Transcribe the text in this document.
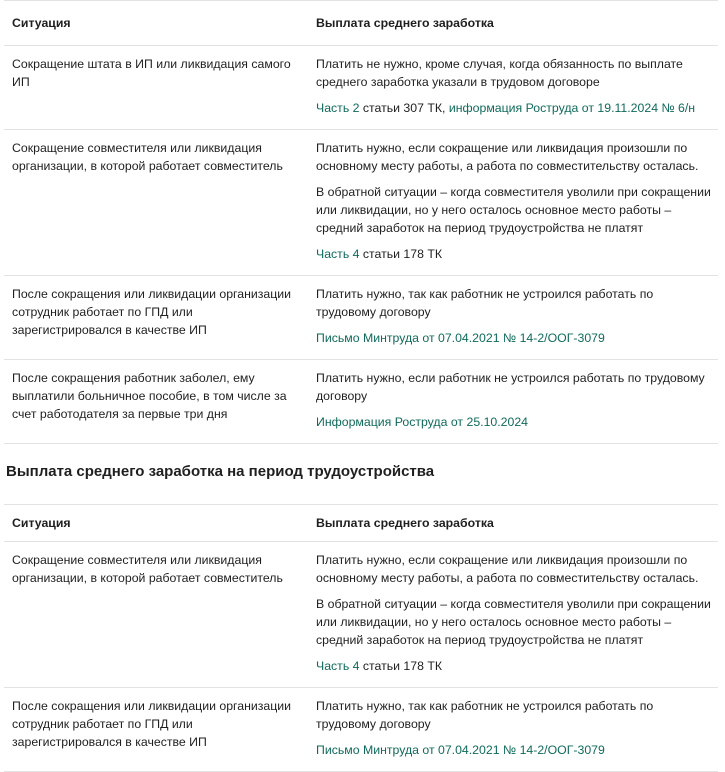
Ситуация	Выплата среднего заработка
Сокращение штата в ИП или ликвидация самого ИП	Платить не нужно, кроме случая, когда обязанность по выплате среднего заработка указали в трудовом договоре

Часть 2 статьи 307 ТК, информация Роструда от 19.11.2024 № 6/н

Сокращение совместителя или ликвидация организации, в которой работает совместитель	Платить нужно, если сокращение или ликвидация произошли по основному месту работы, а работа по совместительству осталась.

В обратной ситуации – когда совместителя уволили при сокращении или ликвидации, но у него осталось основное место работы – средний заработок на период трудоустройства не платят

Часть 4 статьи 178 ТК

После сокращения или ликвидации организации сотрудник работает по ГПД или зарегистрировался в качестве ИП	Платить нужно, так как работник не устроился работать по трудовому договору

Письмо Минтруда от 07.04.2021 № 14-2/ООГ-3079

После сокращения работник заболел, ему выплатили больничное пособие, в том числе за счет работодателя за первые три дня	Платить нужно, если работник не устроился работать по трудовому договору

Информация Роструда от 25.10.2024

Выплата среднего заработка на период трудоустройства
Ситуация	Выплата среднего заработка
Сокращение совместителя или ликвидация организации, в которой работает совместитель	Платить нужно, если сокращение или ликвидация произошли по основному месту работы, а работа по совместительству осталась.

В обратной ситуации – когда совместителя уволили при сокращении или ликвидации, но у него осталось основное место работы – средний заработок на период трудоустройства не платят

Часть 4 статьи 178 ТК

После сокращения или ликвидации организации сотрудник работает по ГПД или зарегистрировался в качестве ИП	Платить нужно, так как работник не устроился работать по трудовому договору

Письмо Минтруда от 07.04.2021 № 14-2/ООГ-3079
